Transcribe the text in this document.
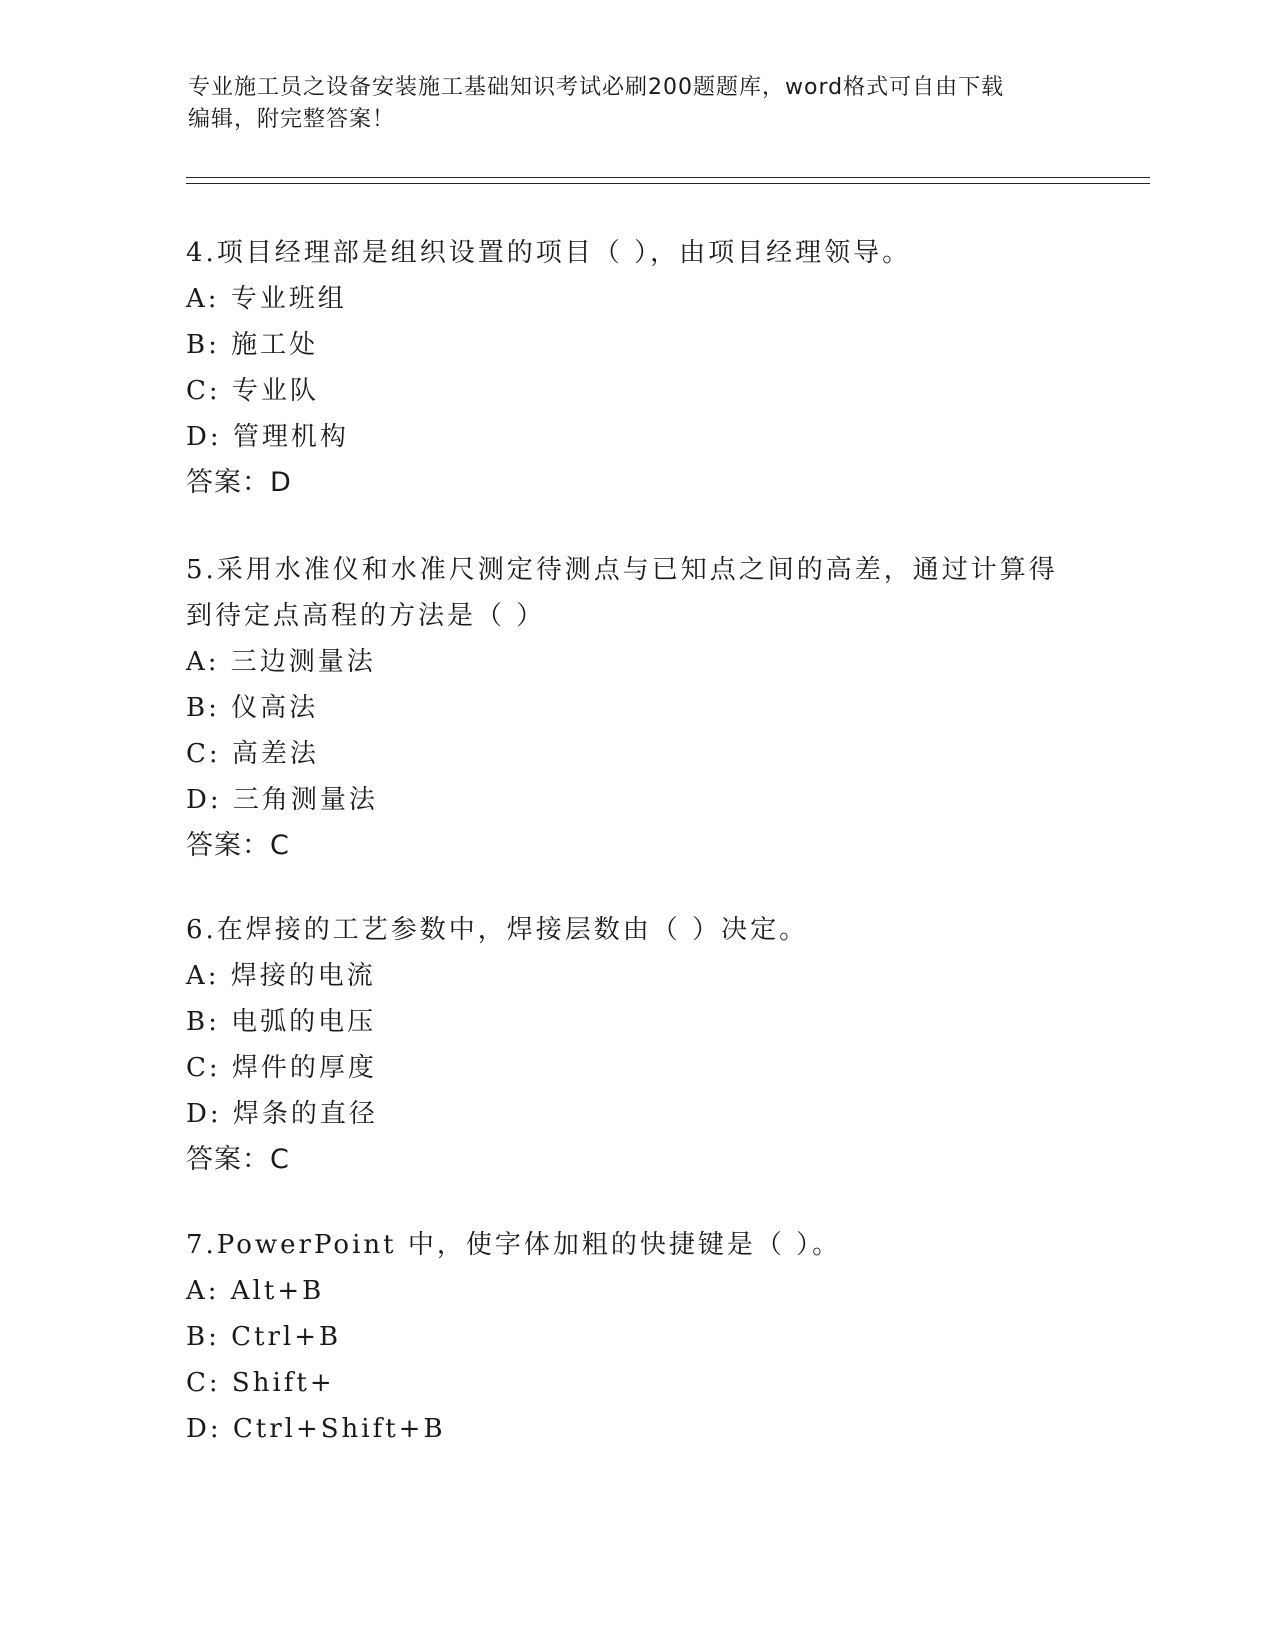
专业施工员之设备安装施工基础知识考试必刷200题题库，word格式可自由下载
编辑，附完整答案！
4.项目经理部是组织设置的项目（ ），由项目经理领导。
A: 专业班组
B: 施工处
C: 专业队
D: 管理机构
答案：D
5.采用水准仪和水准尺测定待测点与已知点之间的高差，通过计算得
到待定点高程的方法是（ ）
A: 三边测量法
B: 仪高法
C: 高差法
D: 三角测量法
答案：C
6.在焊接的工艺参数中，焊接层数由（ ）决定。
A: 焊接的电流
B: 电弧的电压
C: 焊件的厚度
D: 焊条的直径
答案：C
7.PowerPoint 中，使字体加粗的快捷键是（ ）。
A: Alt+B
B: Ctrl+B
C: Shift+
D: Ctrl+Shift+B
